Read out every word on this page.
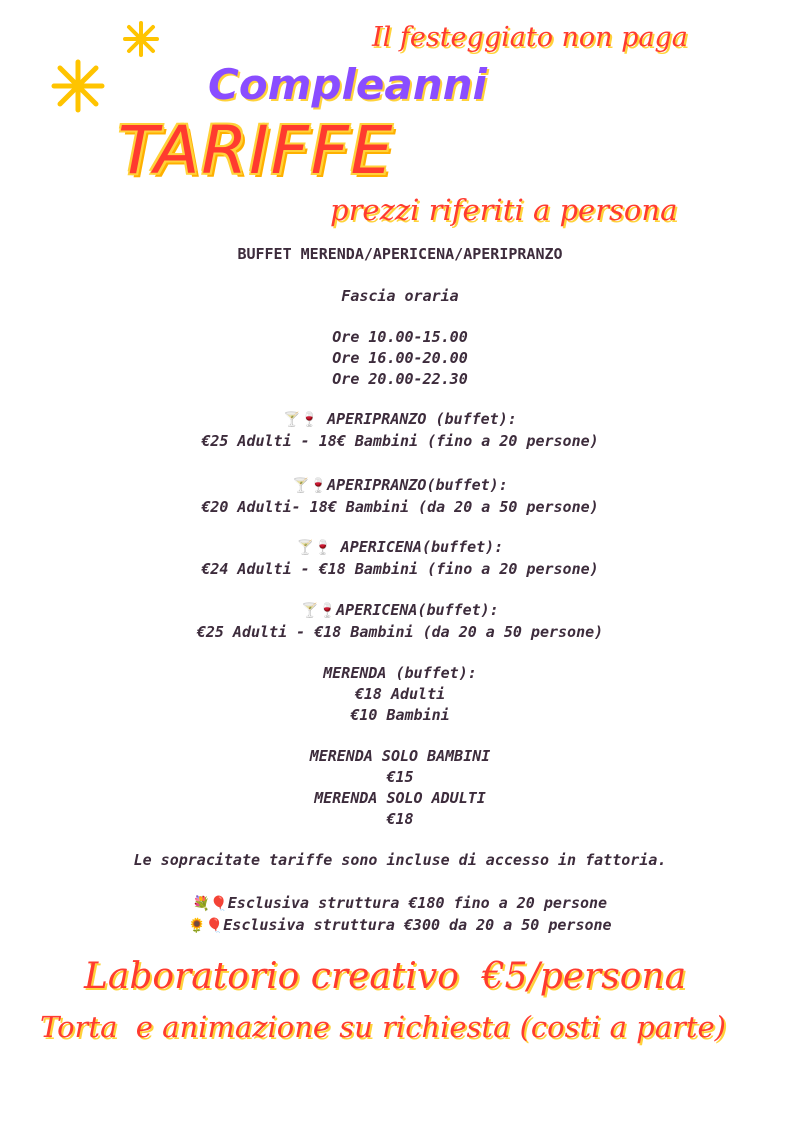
Il festeggiato non paga
Compleanni
TARIFFE
prezzi riferiti a persona
BUFFET MERENDA/APERICENA/APERIPRANZO
Fascia oraria
Ore 10.00-15.00
Ore 16.00-20.00
Ore 20.00-22.30
🍸🍷 APERIPRANZO (buffet):
€25 Adulti - 18€ Bambini (fino a 20 persone)
🍸🍷APERIPRANZO(buffet):
€20 Adulti- 18€ Bambini (da 20 a 50 persone)
🍸🍷 APERICENA(buffet):
€24 Adulti - €18 Bambini (fino a 20 persone)
🍸🍷APERICENA(buffet):
€25 Adulti - €18 Bambini (da 20 a 50 persone)
MERENDA (buffet):
€18 Adulti
€10 Bambini
MERENDA SOLO BAMBINI
€15
MERENDA SOLO ADULTI
€18
Le sopracitate tariffe sono incluse di accesso in fattoria.
💐🎈Esclusiva struttura €180 fino a 20 persone
🌻🎈Esclusiva struttura €300 da 20 a 50 persone
Laboratorio creativo  €5/persona
Torta  e animazione su richiesta (costi a parte)
